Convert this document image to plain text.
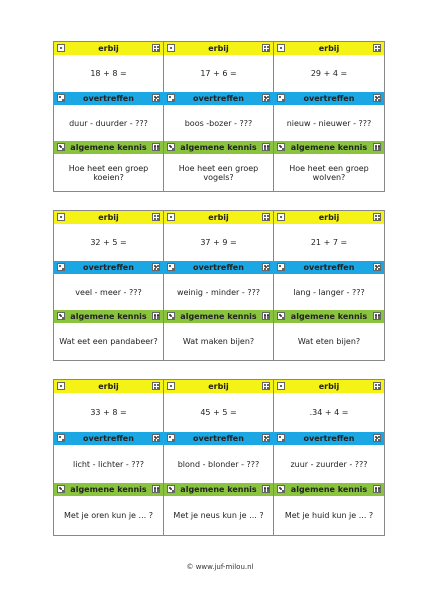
erbij
18 + 8 =
overtreffen
duur - duurder - ???
algemene kennis
Hoe heet een groep koeien?
erbij
17 + 6 =
overtreffen
boos -bozer - ???
algemene kennis
Hoe heet een groep vogels?
erbij
29 + 4 =
overtreffen
nieuw - nieuwer - ???
algemene kennis
Hoe heet een groep wolven?
erbij
32 + 5 =
overtreffen
veel - meer - ???
algemene kennis
Wat eet een pandabeer?
erbij
37 + 9 =
overtreffen
weinig - minder - ???
algemene kennis
Wat maken bijen?
erbij
21 + 7 =
overtreffen
lang - langer - ???
algemene kennis
Wat eten bijen?
erbij
33 + 8 =
overtreffen
licht - lichter - ???
algemene kennis
Met je oren kun je ... ?
erbij
45 + 5 =
overtreffen
blond - blonder - ???
algemene kennis
Met je neus kun je ... ?
erbij
.34 + 4 =
overtreffen
zuur - zuurder - ???
algemene kennis
Met je huid kun je ... ?
© www.juf-milou.nl
